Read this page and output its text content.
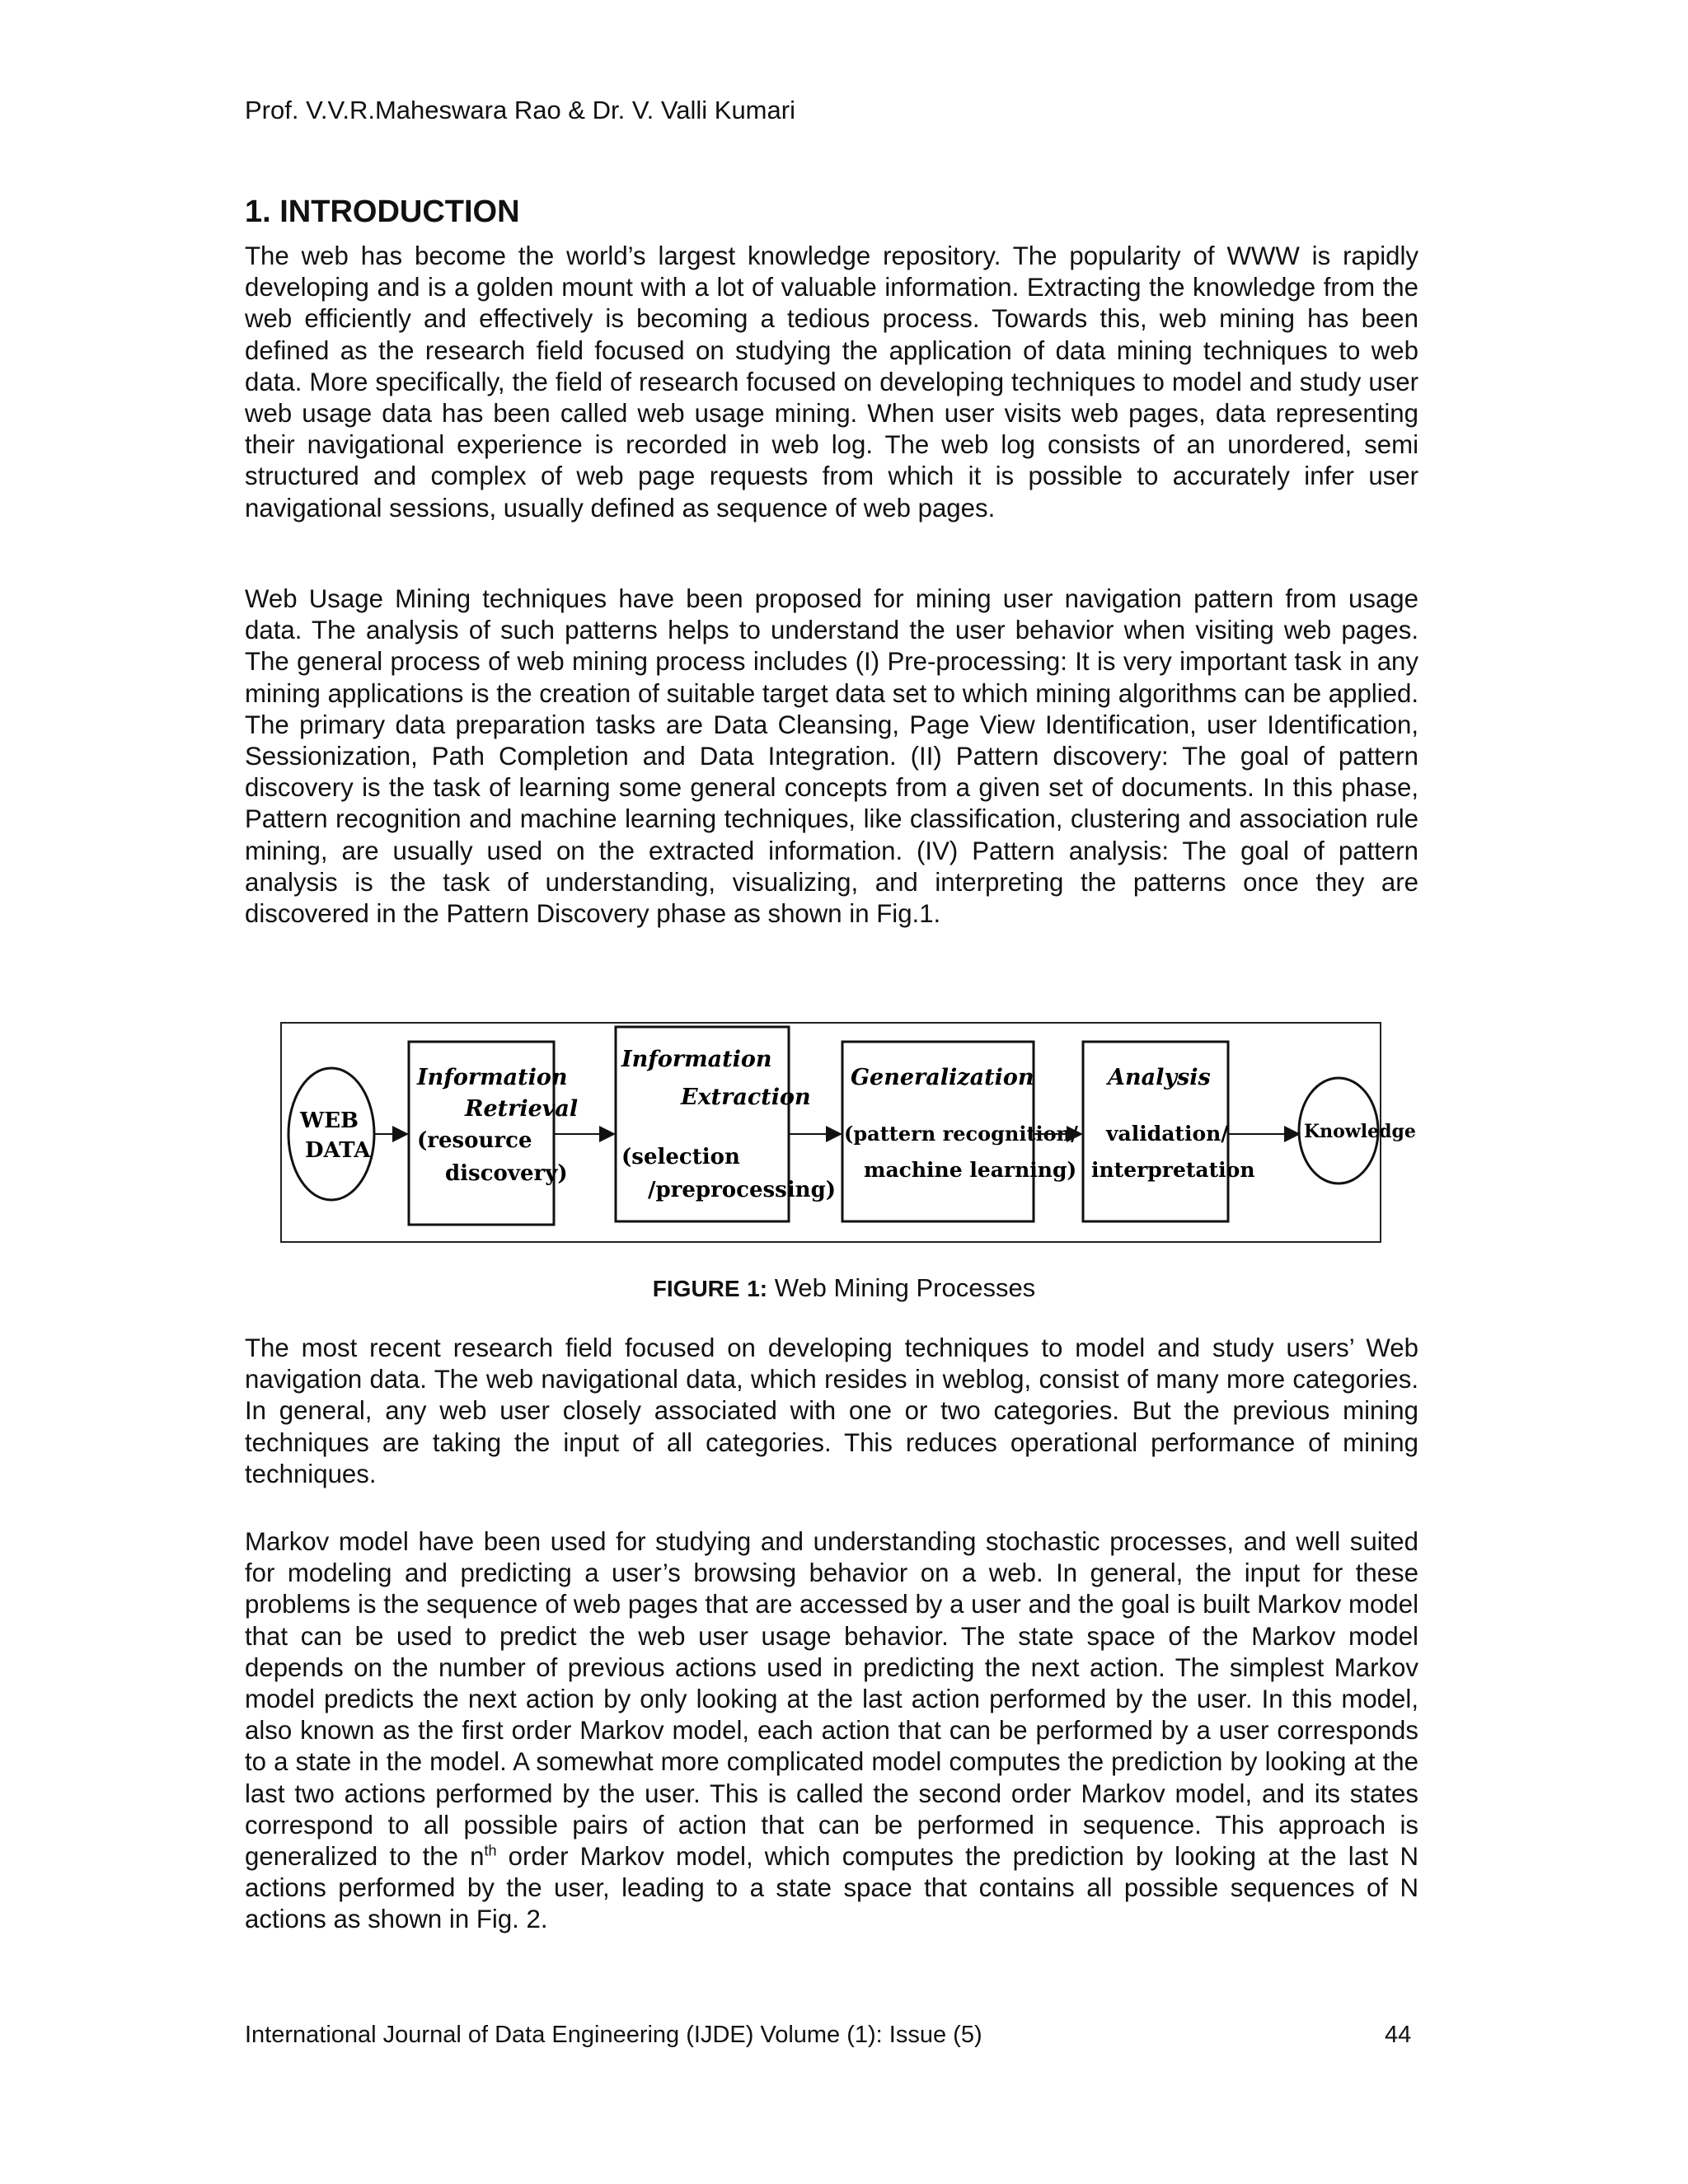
Prof. V.V.R.Maheswara Rao & Dr. V. Valli Kumari
1. INTRODUCTION

The web has become the world’s largest knowledge repository. The popularity of WWW is rapidly developing and is a golden mount with a lot of valuable information. Extracting the knowledge from the web efficiently and effectively is becoming a tedious process. Towards this, web mining has been defined as the research field focused on studying the application of data mining techniques to web data. More specifically, the field of research focused on developing techniques to model and study user web usage data has been called web usage mining. When user visits web pages, data representing their navigational experience is recorded in web log. The web log consists of an unordered, semi structured and complex of web page requests from which it is possible to accurately infer user navigational sessions, usually defined as sequence of web pages.

Web Usage Mining techniques have been proposed for mining user navigation pattern from usage data. The analysis of such patterns helps to understand the user behavior when visiting web pages. The general process of web mining process includes (I) Pre-processing: It is very important task in any mining applications is the creation of suitable target data set to which mining algorithms can be applied. The primary data preparation tasks are Data Cleansing, Page View Identification, user Identification, Sessionization, Path Completion and Data Integration. (II) Pattern discovery: The goal of pattern discovery is the task of learning some general concepts from a given set of documents. In this phase, Pattern recognition and machine learning techniques, like classification, clustering and association rule mining, are usually used on the extracted information. (IV) Pattern analysis: The goal of pattern analysis is the task of understanding, visualizing, and interpreting the patterns once they are discovered in the Pattern Discovery phase as shown in Fig.1.

WEB
DATA
Information
Retrieval
(resource
discovery)
Information
Extraction
(selection
/preprocessing)
Generalization
(pattern recognition/
machine learning)
Analysis
validation/
interpretation
Knowledge
FIGURE 1: Web Mining Processes

The most recent research field focused on developing techniques to model and study users’ Web navigation data. The web navigational data, which resides in weblog, consist of many more categories. In general, any web user closely associated with one or two categories. But the previous mining techniques are taking the input of all categories. This reduces operational performance of mining techniques.

Markov model have been used for studying and understanding stochastic processes, and well suited for modeling and predicting a user’s browsing behavior on a web. In general, the input for these problems is the sequence of web pages that are accessed by a user and the goal is built Markov model that can be used to predict the web user usage behavior. The state space of the Markov model depends on the number of previous actions used in predicting the next action. The simplest Markov model predicts the next action by only looking at the last action performed by the user. In this model, also known as the first order Markov model, each action that can be performed by a user corresponds to a state in the model. A somewhat more complicated model computes the prediction by looking at the last two actions performed by the user. This is called the second order Markov model, and its states correspond to all possible pairs of action that can be performed in sequence. This approach is generalized to the $n^{th}$ order Markov model, which computes the prediction by looking at the last N actions performed by the user, leading to a state space that contains all possible sequences of N actions as shown in Fig. 2.

International Journal of Data Engineering (IJDE) Volume (1): Issue (5)	44
